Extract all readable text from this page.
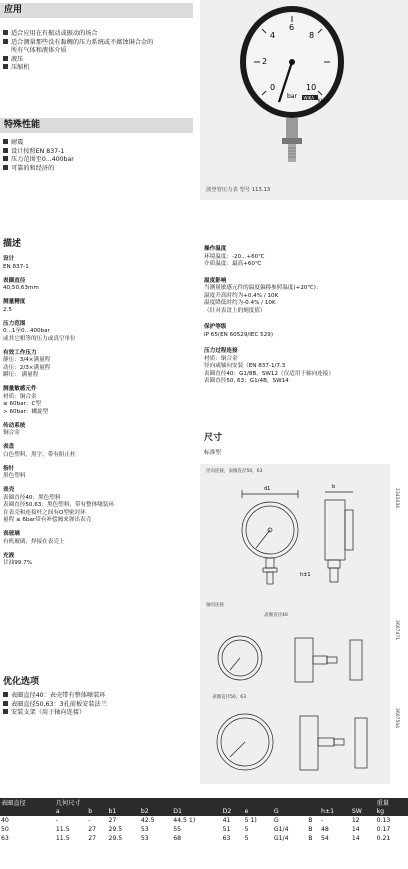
应用
适合应用在有振动或振动的场合
适合测量那些没有黏稠的压力系统或不腐蚀铜合金的
所有气体和液体介质
液压
压缩机
特殊性能
耐震
设计按照EN 837-1
压力范围至0...400bar
可靠的和经济的
0
2
4
6
8
10
bar WIKA
KI 2.5
波登管压力表 型号 113.13
描述
设计
EN 837-1
表圈直径
40,50,63mm
测量精度
2.5
压力范围
0...1至0...400bar
或其它相等的压力或真空单位
有效工作压力
静压：3/4×满量程
动压：2/3×满量程
瞬压： 满量程
测量敏感元件
材质：铜合金
≤ 60bar：C型
> 60bar：螺旋型
传动系统
铜合金
表盘
白色塑料，黑字，带有阻止柱
指针
黑色塑料
表壳
表圈直径40：黑色塑料
表圈直径50,63：黑色塑料，带有整体噻装环
在表壳和连接杆之间有O型密封环
量程 ≤ 6bar带有补偿阀来弹出表壳
表玻璃
有机玻璃，焊接在表壳上
充液
甘油99.7%
优化选项
表圈直径40：表壳带有整体噻装环
表圈直径50,63：3孔前板安装法兰
安装支架（用于轴向连接）
操作温度
环境温度：-20...+60℃
介质温度：最高+60℃
温度影响
当测量敏感元件的温度偏移参照温度(+20℃)：
温度升高时约为+0.4% / 10K
温度降低时约为-0.4% / 10K
（针对表盘上的刻度值）
保护等级
IP 65(EN 60529/IEC 529)
压力过程连接
材质：铜合金
径向或轴向安装（EN 837-1/7.3
表圈直径40：G1/8B，SW12（仅适用于轴向连接）
表圈直径50, 63：G1/4B，SW14
尺寸
标准型
径向连接，表圈直径50，63
d1	b
h±1
轴向连接
表圈直径40
表圈直径50，63
2341034
3607471
3607504
表圈直径	几何尺寸											重量
	a	b	b1	b2	D1	D2	e	G		h±1	SW	kg
40	-	-	27	42.5	44.5 1)	41	5 1)	G	B	-	12	0.13
50	11.5	27	29.5	53	55	51	5	G1/4	B	48	14	0.17
63	11.5	27	29.5	53	68	63	5	G1/4	B	54	14	0.21
